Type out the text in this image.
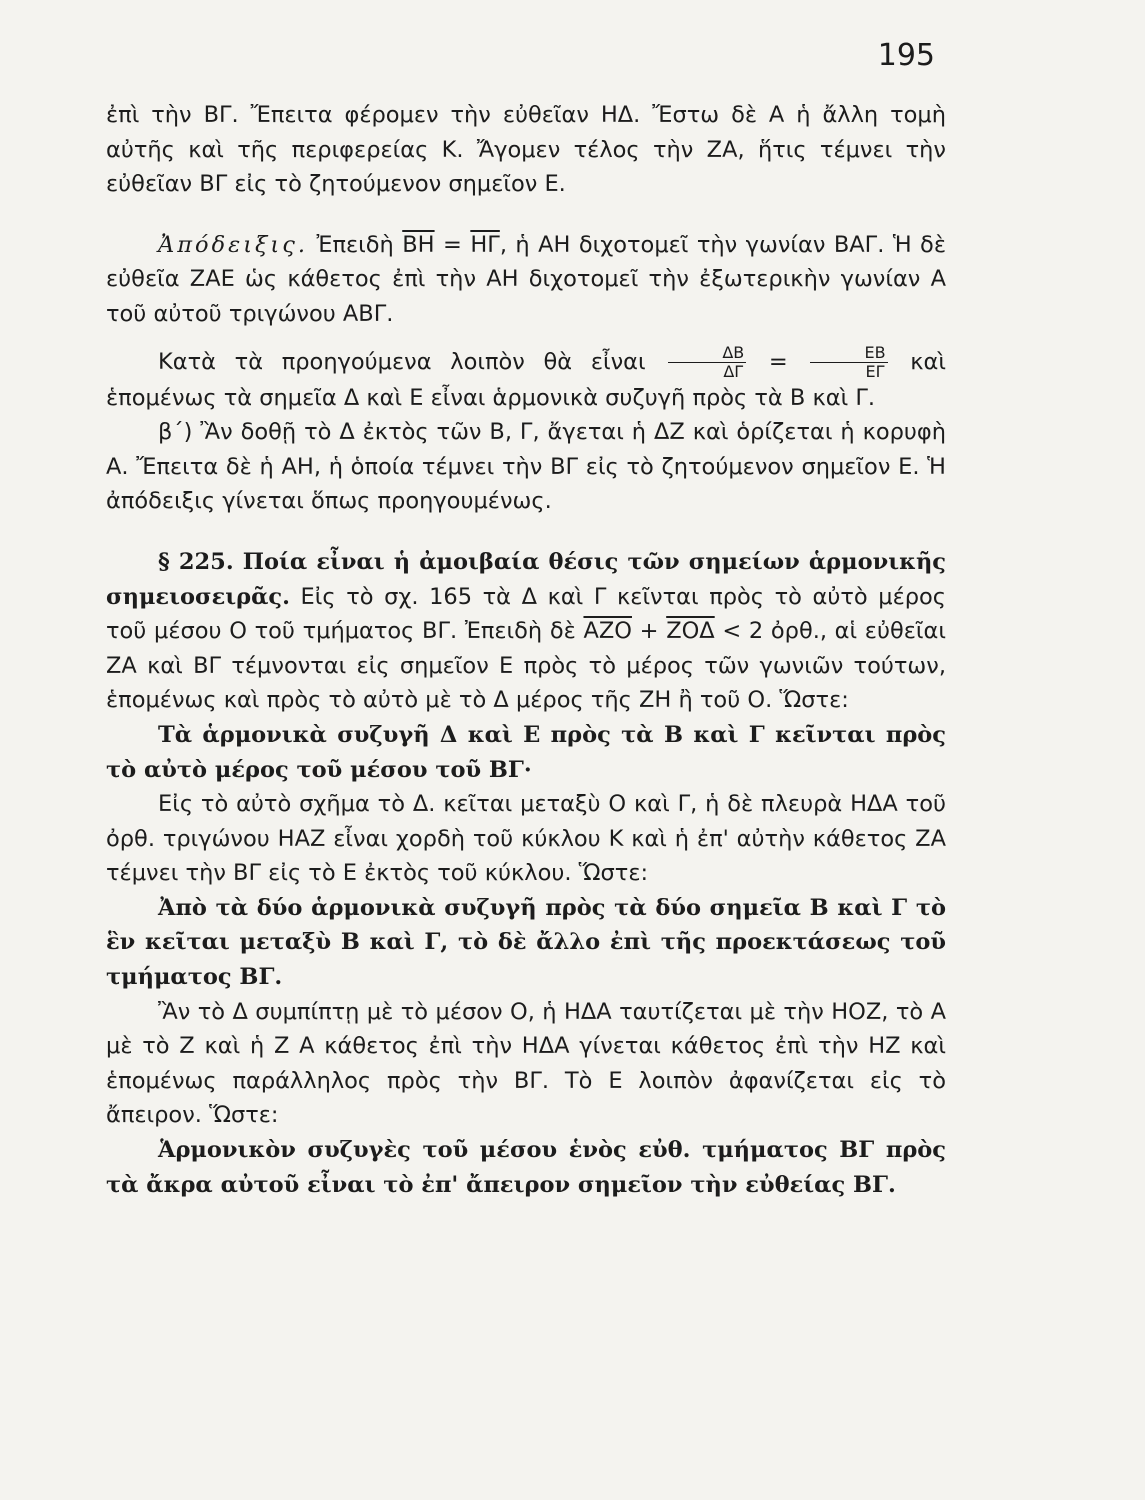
195

ἐπὶ τὴν ΒΓ. Ἔπειτα φέρομεν τὴν εὐθεῖαν ΗΔ. Ἔστω δὲ Α ἡ ἄλλη τομὴ αὐτῆς καὶ τῆς περιφερείας Κ. Ἄγομεν τέλος τὴν ΖΑ, ἥτις τέμνει τὴν εὐθεῖαν ΒΓ εἰς τὸ ζητούμενον σημεῖον Ε.

Ἀπόδειξις. Ἐπειδὴ $\overline{BH} = \overline{H\Gamma}$, ἡ ΑΗ διχοτομεῖ τὴν γωνίαν ΒΑΓ. Ἡ δὲ εὐθεῖα ΖΑΕ ὡς κάθετος ἐπὶ τὴν ΑΗ διχοτομεῖ τὴν ἐξωτερικὴν γωνίαν Α τοῦ αὐτοῦ τριγώνου ΑΒΓ.

Κατὰ τὰ προηγούμενα λοιπὸν θὰ εἶναι $\frac{\Delta B}{\Delta\Gamma} = \frac{EB}{E\Gamma}$ καὶ ἑπομένως τὰ σημεῖα Δ καὶ Ε εἶναι ἁρμονικὰ συζυγῆ πρὸς τὰ Β καὶ Γ.

β΄) Ἂν δοθῇ τὸ Δ ἐκτὸς τῶν Β, Γ, ἄγεται ἡ ΔΖ καὶ ὁρίζεται ἡ κορυφὴ Α. Ἔπειτα δὲ ἡ ΑΗ, ἡ ὁποία τέμνει τὴν ΒΓ εἰς τὸ ζητούμενον σημεῖον Ε. Ἡ ἀπόδειξις γίνεται ὅπως προηγουμένως.

§ 225. Ποία εἶναι ἡ ἀμοιβαία θέσις τῶν σημείων ἁρμονικῆς σημειοσειρᾶς. Εἰς τὸ σχ. 165 τὰ Δ καὶ Γ κεῖνται πρὸς τὸ αὐτὸ μέρος τοῦ μέσου Ο τοῦ τμήματος ΒΓ. Ἐπειδὴ δὲ $\overline{AZO} + \overline{ZO\Delta} < 2$ ὀρθ., αἱ εὐθεῖαι ΖΑ καὶ ΒΓ τέμνονται εἰς σημεῖον Ε πρὸς τὸ μέρος τῶν γωνιῶν τούτων, ἑπομένως καὶ πρὸς τὸ αὐτὸ μὲ τὸ Δ μέρος τῆς ΖΗ ἢ τοῦ Ο. Ὥστε:

Τὰ ἁρμονικὰ συζυγῆ Δ καὶ Ε πρὸς τὰ Β καὶ Γ κεῖνται πρὸς τὸ αὐτὸ μέρος τοῦ μέσου τοῦ ΒΓ·

Εἰς τὸ αὐτὸ σχῆμα τὸ Δ. κεῖται μεταξὺ Ο καὶ Γ, ἡ δὲ πλευρὰ ΗΔΑ τοῦ ὀρθ. τριγώνου ΗΑΖ εἶναι χορδὴ τοῦ κύκλου Κ καὶ ἡ ἐπ' αὐτὴν κάθετος ΖΑ τέμνει τὴν ΒΓ εἰς τὸ Ε ἐκτὸς τοῦ κύκλου. Ὥστε:

Ἀπὸ τὰ δύο ἁρμονικὰ συζυγῆ πρὸς τὰ δύο σημεῖα Β καὶ Γ τὸ ἓν κεῖται μεταξὺ Β καὶ Γ, τὸ δὲ ἄλλο ἐπὶ τῆς προεκτάσεως τοῦ τμήματος ΒΓ.

Ἂν τὸ Δ συμπίπτῃ μὲ τὸ μέσον Ο, ἡ ΗΔΑ ταυτίζεται μὲ τὴν ΗΟΖ, τὸ Α μὲ τὸ Ζ καὶ ἡ Ζ Α κάθετος ἐπὶ τὴν ΗΔΑ γίνεται κάθετος ἐπὶ τὴν ΗΖ καὶ ἑπομένως παράλληλος πρὸς τὴν ΒΓ. Τὸ Ε λοιπὸν ἀφανίζεται εἰς τὸ ἄπειρον. Ὥστε:

Ἁρμονικὸν συζυγὲς τοῦ μέσου ἑνὸς εὐθ. τμήματος ΒΓ πρὸς τὰ ἄκρα αὐτοῦ εἶναι τὸ ἐπ' ἄπειρον σημεῖον τὴν εὐθείας ΒΓ.
